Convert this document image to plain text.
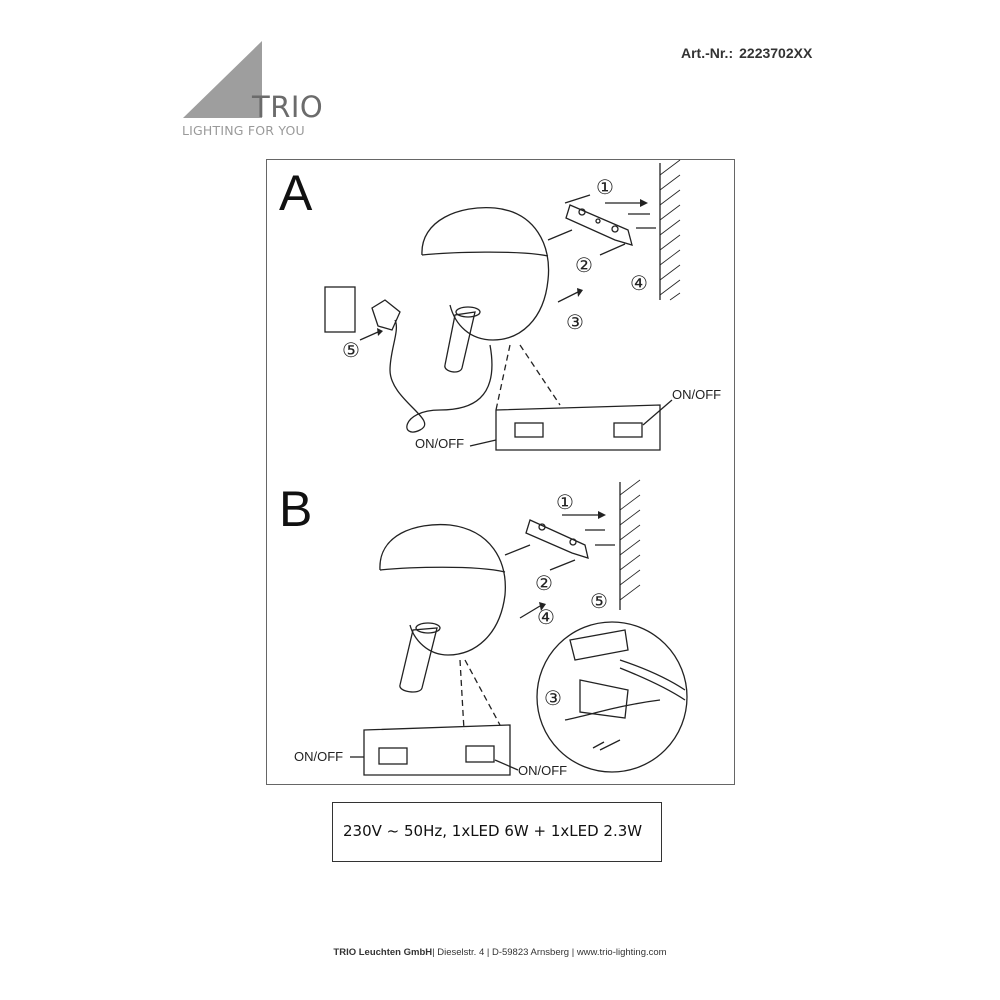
TRIO
LIGHTING FOR YOU
Art.-Nr.: 2223702XX
A	①
②
③
④
⑤
ON/OFF
ON/OFF
B	①
②
③
④
⑤
ON/OFF
ON/OFF
230V ~ 50Hz, 1xLED 6W + 1xLED 2.3W
TRIO Leuchten GmbH| Dieselstr. 4 | D-59823 Arnsberg | www.trio-lighting.com
